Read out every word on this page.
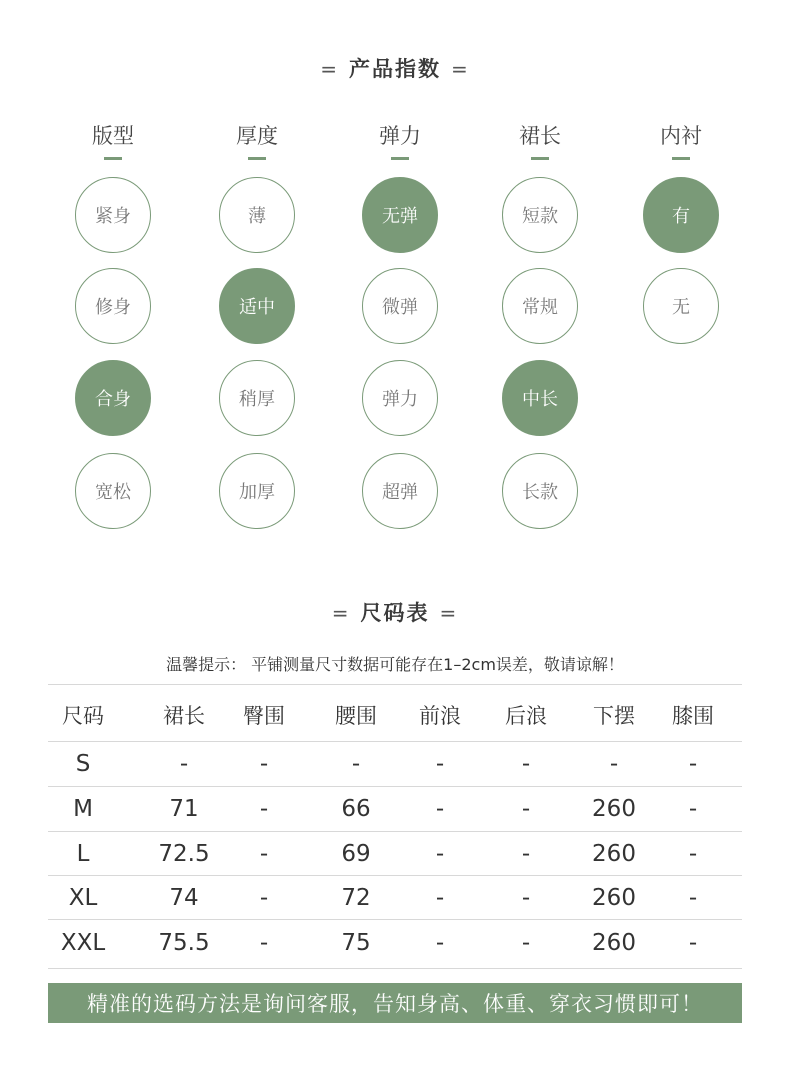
= 产品指数 =
版型
紧身
修身
合身
宽松
厚度
薄
适中
稍厚
加厚
弹力
无弹
微弹
弹力
超弹
裙长
短款
常规
中长
长款
内衬
有
无
= 尺码表 =
温馨提示： 平铺测量尺寸数据可能存在1–2cm误差，敬请谅解！
尺码	裙长 臀围 腰围 前浪 后浪 下摆 膝围
S	-	-	-	-	-	-	-
M	71	-	66	-	-	260 -
L	72.5 -	69	-	-	260 -
XL	74	-	72	-	-	260 -
XXL 75.5 -	75	-	-	260 -
精准的选码方法是询问客服，告知身高、体重、穿衣习惯即可！
